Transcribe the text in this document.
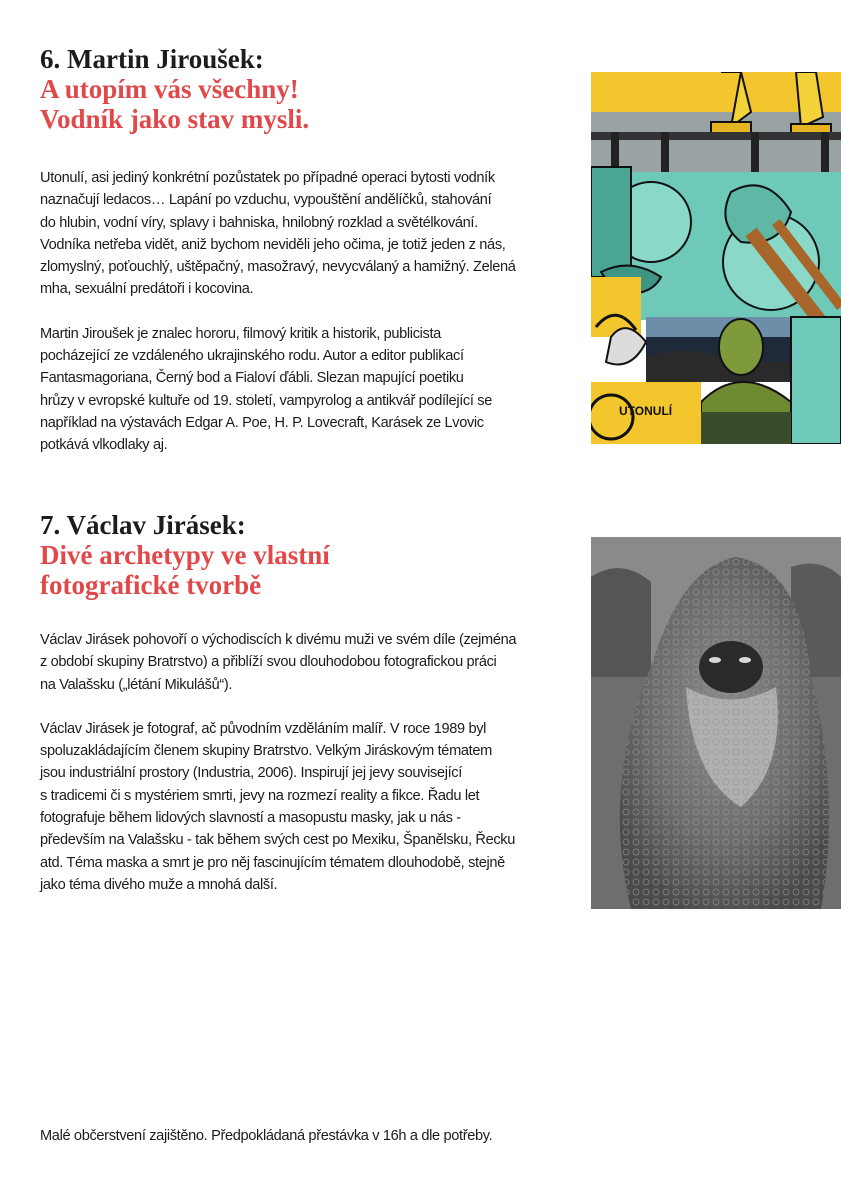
6. Martin Jiroušek:
A utopím vás všechny!
Vodník jako stav mysli.
Utonulí, asi jediný konkrétní pozůstatek po případné operaci bytosti vodník
naznačují ledacos… Lapání po vzduchu, vypouštění andělíčků, stahování
do hlubin, vodní víry, splavy i bahniska, hnilobný rozklad a světélkování.
Vodníka netřeba vidět, aniž bychom neviděli jeho očima, je totiž jeden z nás,
zlomyslný, poťouchlý, uštěpačný, masožravý, nevycválaný a hamižný. Zelená
mha, sexuální predátoři i kocovina.
Martin Jiroušek je znalec hororu, filmový kritik a historik, publicista
pocházející ze vzdáleného ukrajinského rodu. Autor a editor publikací
Fantasmagoriana, Černý bod a Fialoví ďábli. Slezan mapující poetiku
hrůzy v evropské kultuře od 19. století, vampyrolog a antikvář podílející se
například na výstavách Edgar A. Poe, H. P. Lovecraft, Karásek ze Lvovic
potkává vlkodlaky aj.
UTONULÍ
7. Václav Jirásek:
Divé archetypy ve vlastní
fotografické tvorbě
Václav Jirásek pohovoří o východiscích k divému muži ve svém díle (zejména
z období skupiny Bratrstvo) a přiblíží svou dlouhodobou fotografickou práci
na Valašsku („létání Mikulášů“).
Václav Jirásek je fotograf, ač původním vzděláním malíř. V roce 1989 byl
spoluzakládajícím členem skupiny Bratrstvo. Velkým Jiráskovým tématem
jsou industriální prostory (Industria, 2006). Inspirují jej jevy související
s tradicemi či s mystériem smrti, jevy na rozmezí reality a fikce. Řadu let
fotografuje během lidových slavností a masopustu masky, jak u nás -
především na Valašsku - tak během svých cest po Mexiku, Španělsku, Řecku
atd. Téma maska a smrt je pro něj fascinujícím tématem dlouhodobě, stejně
jako téma divého muže a mnohá další.
Malé občerstvení zajištěno. Předpokládaná přestávka v 16h a dle potřeby.
